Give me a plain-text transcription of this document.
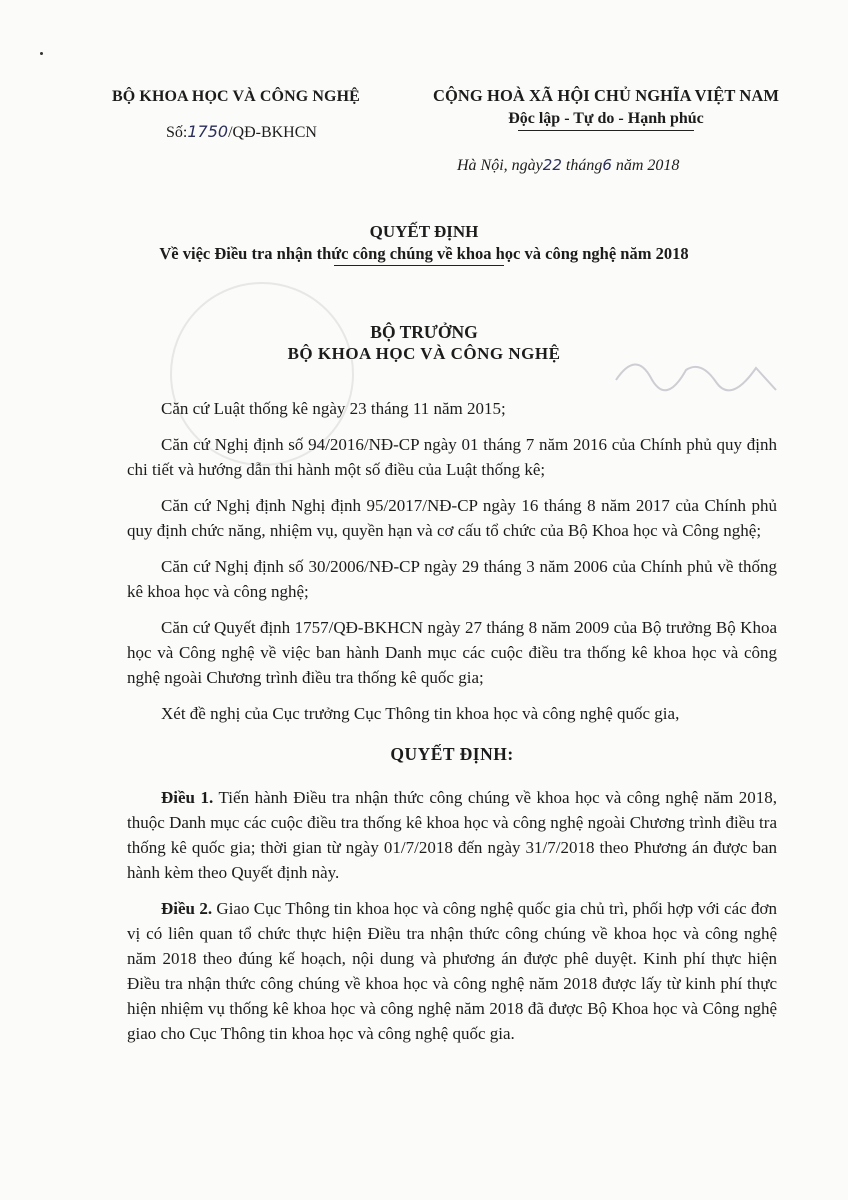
BỘ KHOA HỌC VÀ CÔNG NGHỆ
Số:1750/QĐ-BKHCN
CỘNG HOÀ XÃ HỘI CHỦ NGHĨA VIỆT NAM
Độc lập - Tự do - Hạnh phúc
Hà Nội, ngày22 tháng6 năm 2018
QUYẾT ĐỊNH
Về việc Điều tra nhận thức công chúng về khoa học và công nghệ năm 2018
BỘ TRƯỞNG
BỘ KHOA HỌC VÀ CÔNG NGHỆ

Căn cứ Luật thống kê ngày 23 tháng 11 năm 2015;

Căn cứ Nghị định số 94/2016/NĐ-CP ngày 01 tháng 7 năm 2016 của Chính phủ quy định chi tiết và hướng dẫn thi hành một số điều của Luật thống kê;

Căn cứ Nghị định Nghị định 95/2017/NĐ-CP ngày 16 tháng 8 năm 2017 của Chính phủ quy định chức năng, nhiệm vụ, quyền hạn và cơ cấu tổ chức của Bộ Khoa học và Công nghệ;

Căn cứ Nghị định số 30/2006/NĐ-CP ngày 29 tháng 3 năm 2006 của Chính phủ về thống kê khoa học và công nghệ;

Căn cứ Quyết định 1757/QĐ-BKHCN ngày 27 tháng 8 năm 2009 của Bộ trưởng Bộ Khoa học và Công nghệ về việc ban hành Danh mục các cuộc điều tra thống kê khoa học và công nghệ ngoài Chương trình điều tra thống kê quốc gia;

Xét đề nghị của Cục trưởng Cục Thông tin khoa học và công nghệ quốc gia,

QUYẾT ĐỊNH:

Điều 1. Tiến hành Điều tra nhận thức công chúng về khoa học và công nghệ năm 2018, thuộc Danh mục các cuộc điều tra thống kê khoa học và công nghệ ngoài Chương trình điều tra thống kê quốc gia; thời gian từ ngày 01/7/2018 đến ngày 31/7/2018 theo Phương án được ban hành kèm theo Quyết định này.

Điều 2. Giao Cục Thông tin khoa học và công nghệ quốc gia chủ trì, phối hợp với các đơn vị có liên quan tổ chức thực hiện Điều tra nhận thức công chúng về khoa học và công nghệ năm 2018 theo đúng kế hoạch, nội dung và phương án được phê duyệt. Kinh phí thực hiện Điều tra nhận thức công chúng về khoa học và công nghệ năm 2018 được lấy từ kinh phí thực hiện nhiệm vụ thống kê khoa học và công nghệ năm 2018 đã được Bộ Khoa học và Công nghệ giao cho Cục Thông tin khoa học và công nghệ quốc gia.
